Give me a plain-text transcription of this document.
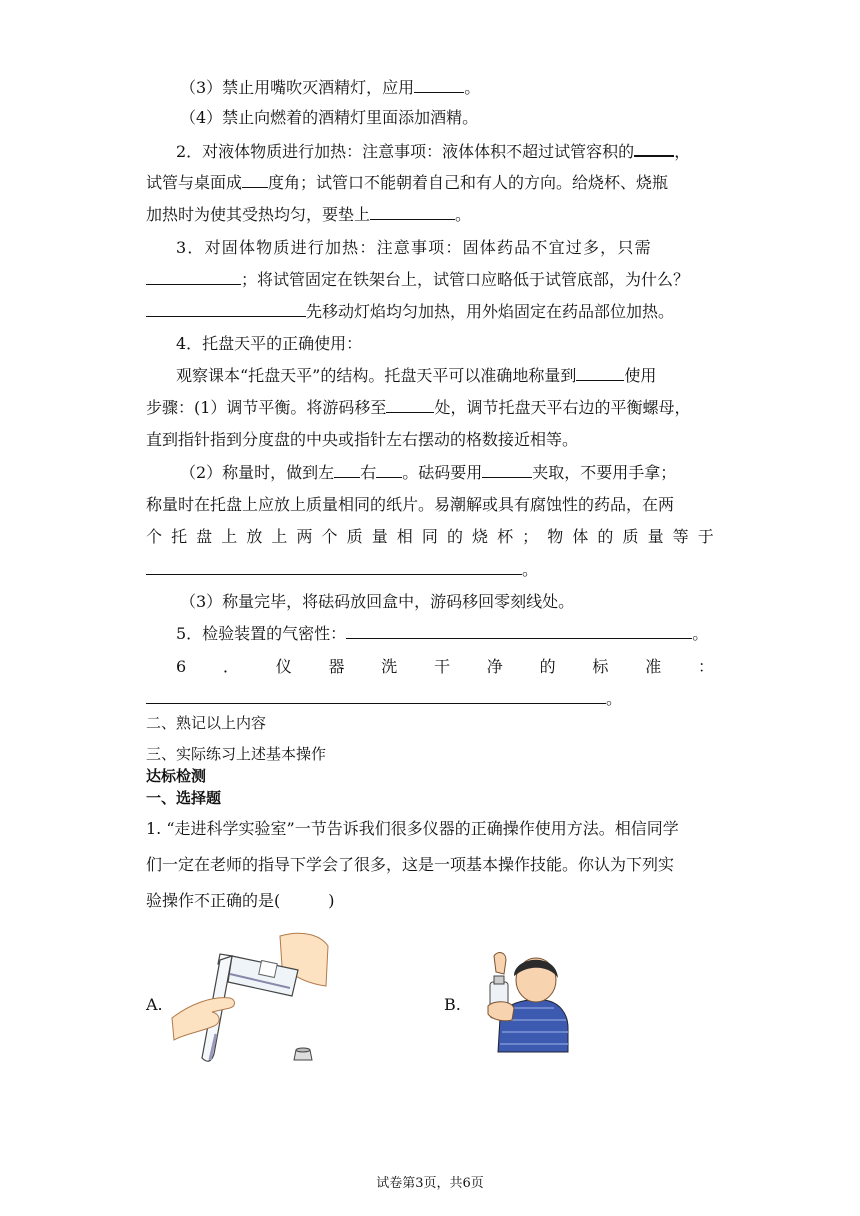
（3）禁止用嘴吹灭酒精灯，应用	。
（4）禁止向燃着的酒精灯里面添加酒精。
2．对液体物质进行加热：注意事项：液体体积不超过试管容积的	，
试管与桌面成 度角；试管口不能朝着自己和有人的方向。给烧杯、烧瓶
加热时为使其受热均匀，要垫上	。
3．对固体物质进行加热：注意事项：固体药品不宜过多，只需
；将试管固定在铁架台上，试管口应略低于试管底部，为什么？
先移动灯焰均匀加热，用外焰固定在药品部位加热。
4．托盘天平的正确使用：
观察课本“托盘天平”的结构。托盘天平可以准确地称量到	使用
步骤：(1）调节平衡。将游码移至	处，调节托盘天平右边的平衡螺母，
直到指针指到分度盘的中央或指针左右摆动的格数接近相等。
（2）称量时，做到左 右 。砝码要用	夹取，不要用手拿；
称量时在托盘上应放上质量相同的纸片。易潮解或具有腐蚀性的药品，在两
个 托 盘 上 放 上 两 个 质 量 相 同 的 烧 杯 ； 物 体 的 质 量 等 于
。
（3）称量完毕，将砝码放回盒中，游码移回零刻线处。
5．检验装置的气密性：	。
6 ． 仪 器 洗 干 净 的 标 准 ：
。
二、熟记以上内容
三、实际练习上述基本操作
达标检测
一、选择题
1. “走进科学实验室”一节告诉我们很多仪器的正确操作使用方法。相信同学
们一定在老师的指导下学会了很多，这是一项基本操作技能。你认为下列实
验操作不正确的是(　　　)
A.	B.
试卷第3页，共6页
